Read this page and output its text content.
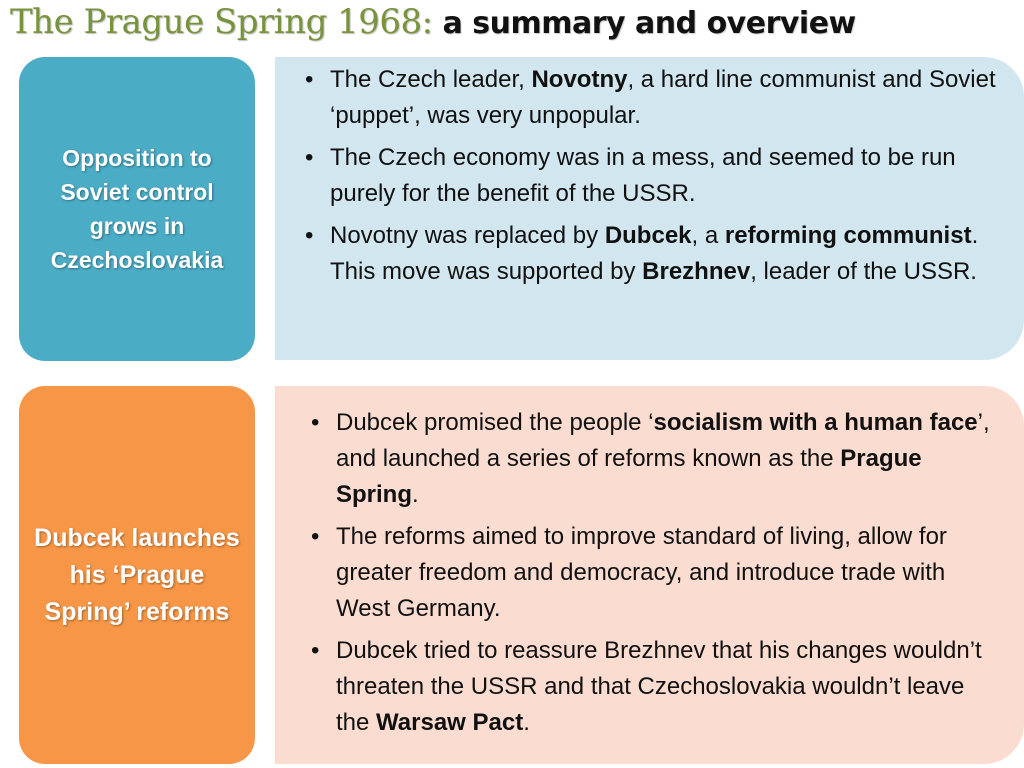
The Prague Spring 1968: a summary and overview
Opposition to Soviet control grows in Czechoslovakia
• The Czech leader, Novotny, a hard line communist and Soviet ‘puppet’, was very unpopular.
• The Czech economy was in a mess, and seemed to be run purely for the benefit of the USSR.
• Novotny was replaced by Dubcek, a reforming communist. This move was supported by Brezhnev, leader of the USSR.
Dubcek launches his ‘Prague Spring’ reforms
• Dubcek promised the people ‘socialism with a human face’, and launched a series of reforms known as the Prague Spring.
• The reforms aimed to improve standard of living, allow for greater freedom and democracy, and introduce trade with West Germany.
• Dubcek tried to reassure Brezhnev that his changes wouldn’t threaten the USSR and that Czechoslovakia wouldn’t leave the Warsaw Pact.
